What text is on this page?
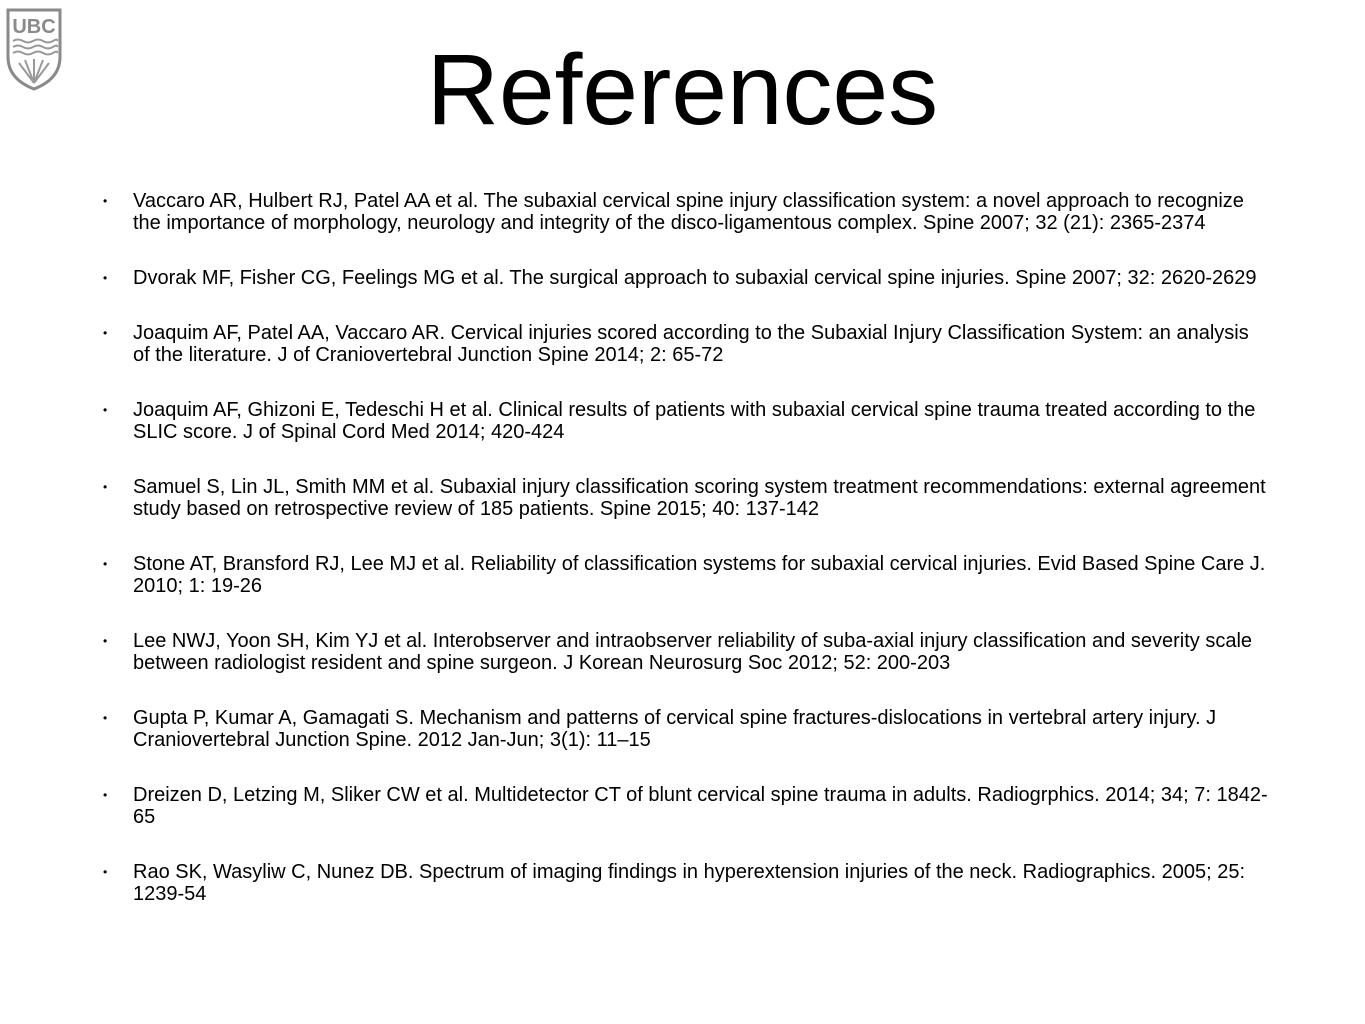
UBC
References
• Vaccaro AR, Hulbert RJ, Patel AA et al. The subaxial cervical spine injury classification system: a novel approach to recognize the importance of morphology, neurology and integrity of the disco-ligamentous complex. Spine 2007; 32 (21): 2365-2374
• Dvorak MF, Fisher CG, Feelings MG et al. The surgical approach to subaxial cervical spine injuries. Spine 2007; 32: 2620-2629
• Joaquim AF, Patel AA, Vaccaro AR. Cervical injuries scored according to the Subaxial Injury Classification System: an analysis of the literature. J of Craniovertebral Junction Spine 2014; 2: 65-72
• Joaquim AF, Ghizoni E, Tedeschi H et al. Clinical results of patients with subaxial cervical spine trauma treated according to the SLIC score. J of Spinal Cord Med 2014; 420-424
• Samuel S, Lin JL, Smith MM et al. Subaxial injury classification scoring system treatment recommendations: external agreement study based on retrospective review of 185 patients. Spine 2015; 40: 137-142
• Stone AT, Bransford RJ, Lee MJ et al. Reliability of classification systems for subaxial cervical injuries. Evid Based Spine Care J. 2010; 1: 19-26
• Lee NWJ, Yoon SH, Kim YJ et al. Interobserver and intraobserver reliability of suba-axial injury classification and severity scale between radiologist resident and spine surgeon. J Korean Neurosurg Soc 2012; 52: 200-203
• Gupta P, Kumar A, Gamagati S. Mechanism and patterns of cervical spine fractures-dislocations in vertebral artery injury. J Craniovertebral Junction Spine. 2012 Jan-Jun; 3(1): 11–15
• Dreizen D, Letzing M, Sliker CW et al. Multidetector CT of blunt cervical spine trauma in adults. Radiogrphics. 2014; 34; 7: 1842-65
• Rao SK, Wasyliw C, Nunez DB. Spectrum of imaging findings in hyperextension injuries of the neck. Radiographics. 2005; 25: 1239-54
